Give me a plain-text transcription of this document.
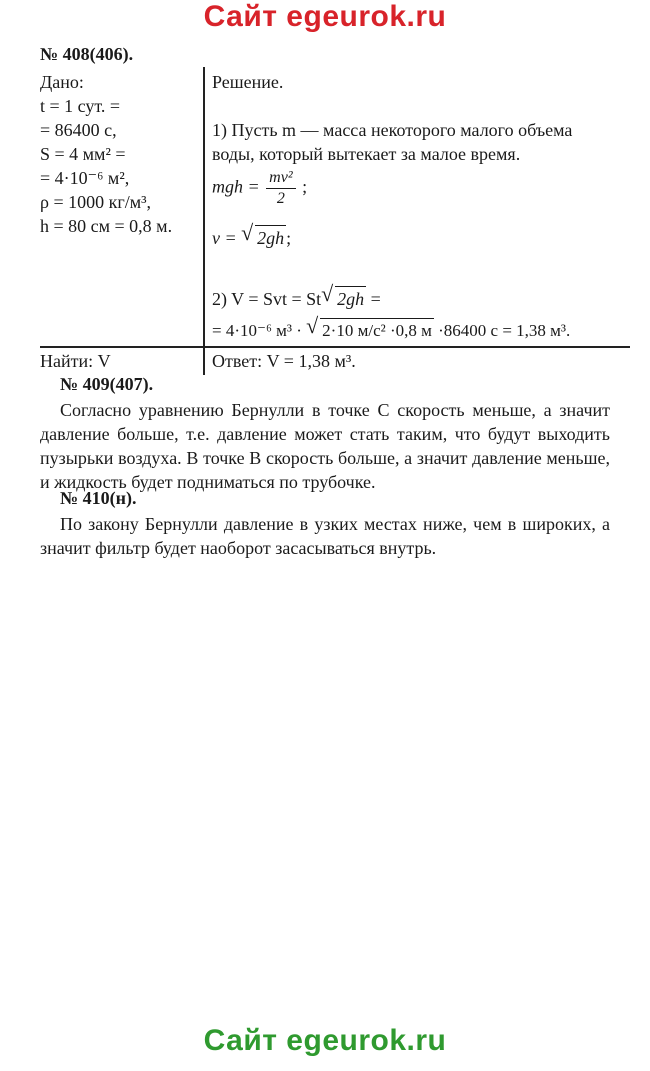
Сайт egeurok.ru
№ 408(406).
Дано:
t = 1 сут. =
= 86400 с,
S = 4 мм² =
= 4·10⁻⁶ м²,
ρ = 1000 кг/м³,
h = 80 см = 0,8 м.
Найти: V
Решение.
1) Пусть m — масса некоторого малого объема
воды, который вытекает за малое время.
mgh = $\frac{\text{mv²}}{2}$ ;
v = √ 2gh ;
2) V = Svt = St √ 2gh =
= 4·10⁻⁶ м³ · √ 2·10 м/с² ·0,8 м ·86400 с = 1,38 м³.
Ответ: V = 1,38 м³.
№ 409(407).
Согласно уравнению Бернулли в точке C скорость меньше, а значит давление больше, т.е. давление может стать таким, что будут выходить пузырьки воздуха. В точке B скорость больше, а значит давление меньше, и жидкость будет подниматься по трубочке.
№ 410(н).
По закону Бернулли давление в узких местах ниже, чем в широких, а значит фильтр будет наоборот засасываться внутрь.
Сайт egeurok.ru
